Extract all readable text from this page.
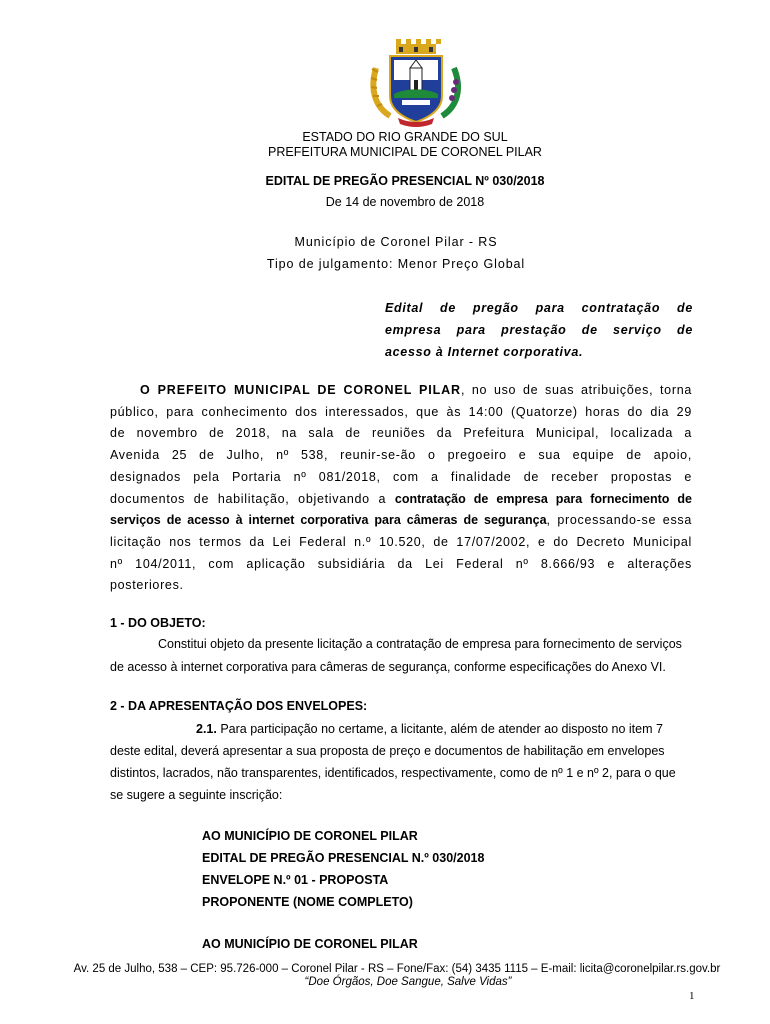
ESTADO DO RIO GRANDE DO SUL
PREFEITURA MUNICIPAL DE CORONEL PILAR
EDITAL DE PREGÃO PRESENCIAL Nº 030/2018
De 14 de novembro de 2018
Município de Coronel Pilar - RS
Tipo de julgamento: Menor Preço Global
Edital de pregão para contratação de
empresa para prestação de serviço de
acesso à Internet corporativa.
O PREFEITO MUNICIPAL DE CORONEL PILAR, no uso de suas atribuições, torna
público, para conhecimento dos interessados, que às 14:00 (Quatorze) horas do dia 29
de novembro de 2018, na sala de reuniões da Prefeitura Municipal, localizada a
Avenida 25 de Julho, nº 538, reunir-se-ão o pregoeiro e sua equipe de apoio,
designados pela Portaria nº 081/2018, com a finalidade de receber propostas e
documentos de habilitação, objetivando a contratação de empresa para fornecimento de
serviços de acesso à internet corporativa para câmeras de segurança, processando-se essa
licitação nos termos da Lei Federal n.º 10.520, de 17/07/2002, e do Decreto Municipal
nº 104/2011, com aplicação subsidiária da Lei Federal nº 8.666/93 e alterações
posteriores.
1 - DO OBJETO:
Constitui objeto da presente licitação a contratação de empresa para fornecimento de serviços
de acesso à internet corporativa para câmeras de segurança, conforme especificações do Anexo VI.
2 - DA APRESENTAÇÃO DOS ENVELOPES:
2.1. Para participação no certame, a licitante, além de atender ao disposto no item 7
deste edital, deverá apresentar a sua proposta de preço e documentos de habilitação em envelopes
distintos, lacrados, não transparentes, identificados, respectivamente, como de nº 1 e nº 2, para o que
se sugere a seguinte inscrição:
AO MUNICÍPIO DE CORONEL PILAR
EDITAL DE PREGÃO PRESENCIAL N.º 030/2018
ENVELOPE N.º 01 - PROPOSTA
PROPONENTE (NOME COMPLETO)
AO MUNICÍPIO DE CORONEL PILAR
Av. 25 de Julho, 538 – CEP: 95.726-000 – Coronel Pilar - RS – Fone/Fax: (54) 3435 1115 – E-mail: licita@coronelpilar.rs.gov.br
“Doe Órgãos, Doe Sangue, Salve Vidas”
1
